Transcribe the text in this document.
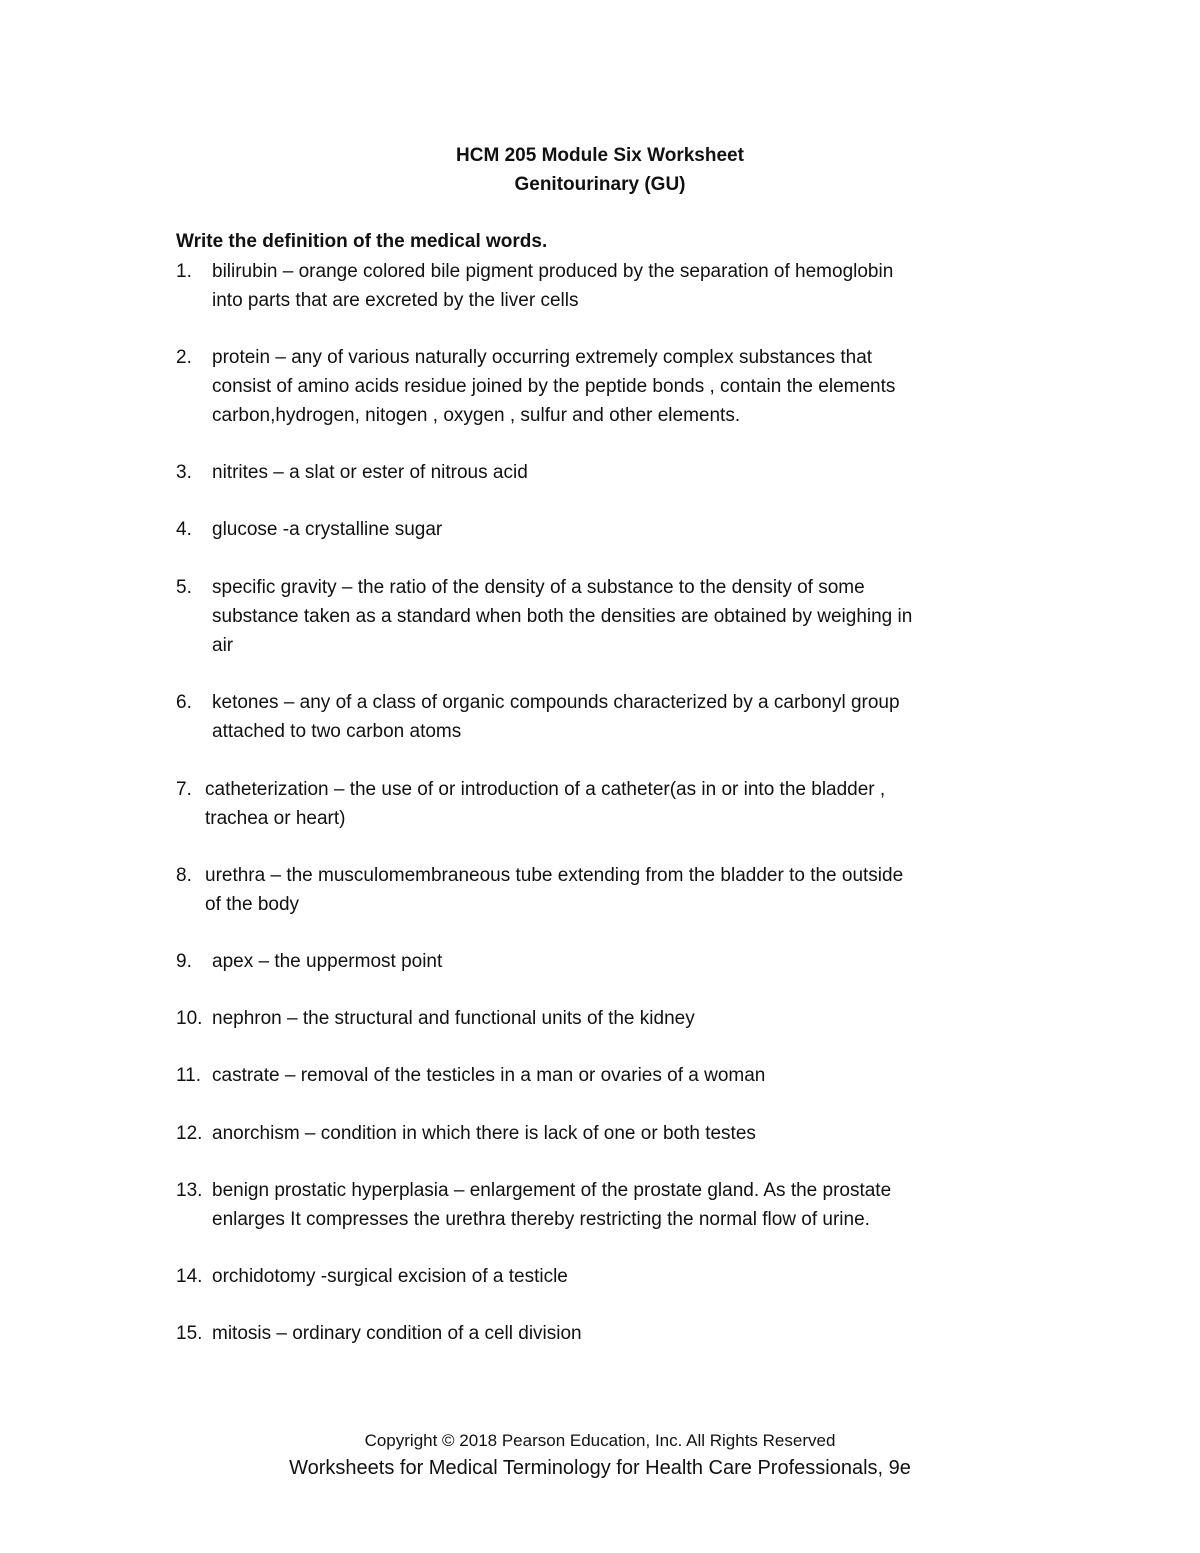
HCM 205 Module Six Worksheet
Genitourinary (GU)
Write the definition of the medical words.
1. bilirubin – orange colored bile pigment produced by the separation of hemoglobin
into parts that are excreted by the liver cells
2. protein – any of various naturally occurring extremely complex substances that
consist of amino acids residue joined by the peptide bonds , contain the elements
carbon,hydrogen, nitogen , oxygen , sulfur and other elements.
3. nitrites – a slat or ester of nitrous acid
4. glucose -a crystalline sugar
5. specific gravity – the ratio of the density of a substance to the density of some
substance taken as a standard when both the densities are obtained by weighing in
air
6. ketones – any of a class of organic compounds characterized by a carbonyl group
attached to two carbon atoms
7. catheterization – the use of or introduction of a catheter(as in or into the bladder ,
trachea or heart)
8. urethra – the musculomembraneous tube extending from the bladder to the outside
of the body
9. apex – the uppermost point
10. nephron – the structural and functional units of the kidney
11. castrate – removal of the testicles in a man or ovaries of a woman
12. anorchism – condition in which there is lack of one or both testes
13. benign prostatic hyperplasia – enlargement of the prostate gland. As the prostate
enlarges It compresses the urethra thereby restricting the normal flow of urine.
14. orchidotomy -surgical excision of a testicle
15. mitosis – ordinary condition of a cell division
Copyright © 2018 Pearson Education, Inc. All Rights Reserved
Worksheets for Medical Terminology for Health Care Professionals, 9e
